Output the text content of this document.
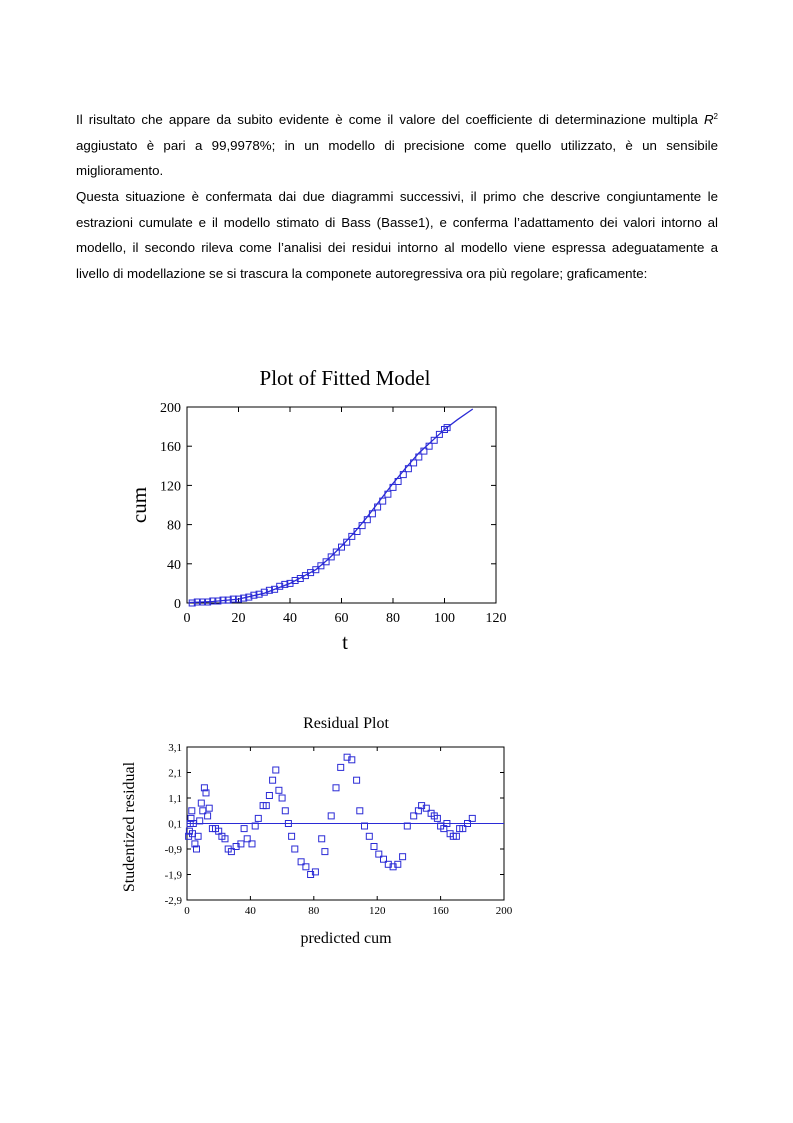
Il risultato che appare da subito evidente è come il valore del coefficiente di determinazione multipla $R^2$ aggiustato è pari a 99,9978%; in un modello di precisione come quello utilizzato, è un sensibile miglioramento.

Questa situazione è confermata dai due diagrammi successivi, il primo che descrive congiuntamente le estrazioni cumulate e il modello stimato di Bass (Basse1), e conferma l’adattamento dei valori intorno al modello, il secondo rileva come l’analisi dei residui intorno al modello viene espressa adeguatamente a livello di modellazione se si trascura la componete autoregressiva ora più regolare; graficamente:

Plot of Fitted Model
0	20	40	60	80 100 120
0
40
80
120
160
200
t
cum
Residual Plot
0	40	80	120	160	200
3,1
2,1
1,1
0,1
-0,9
-1,9
-2,9
predicted cum
Studentized residual
